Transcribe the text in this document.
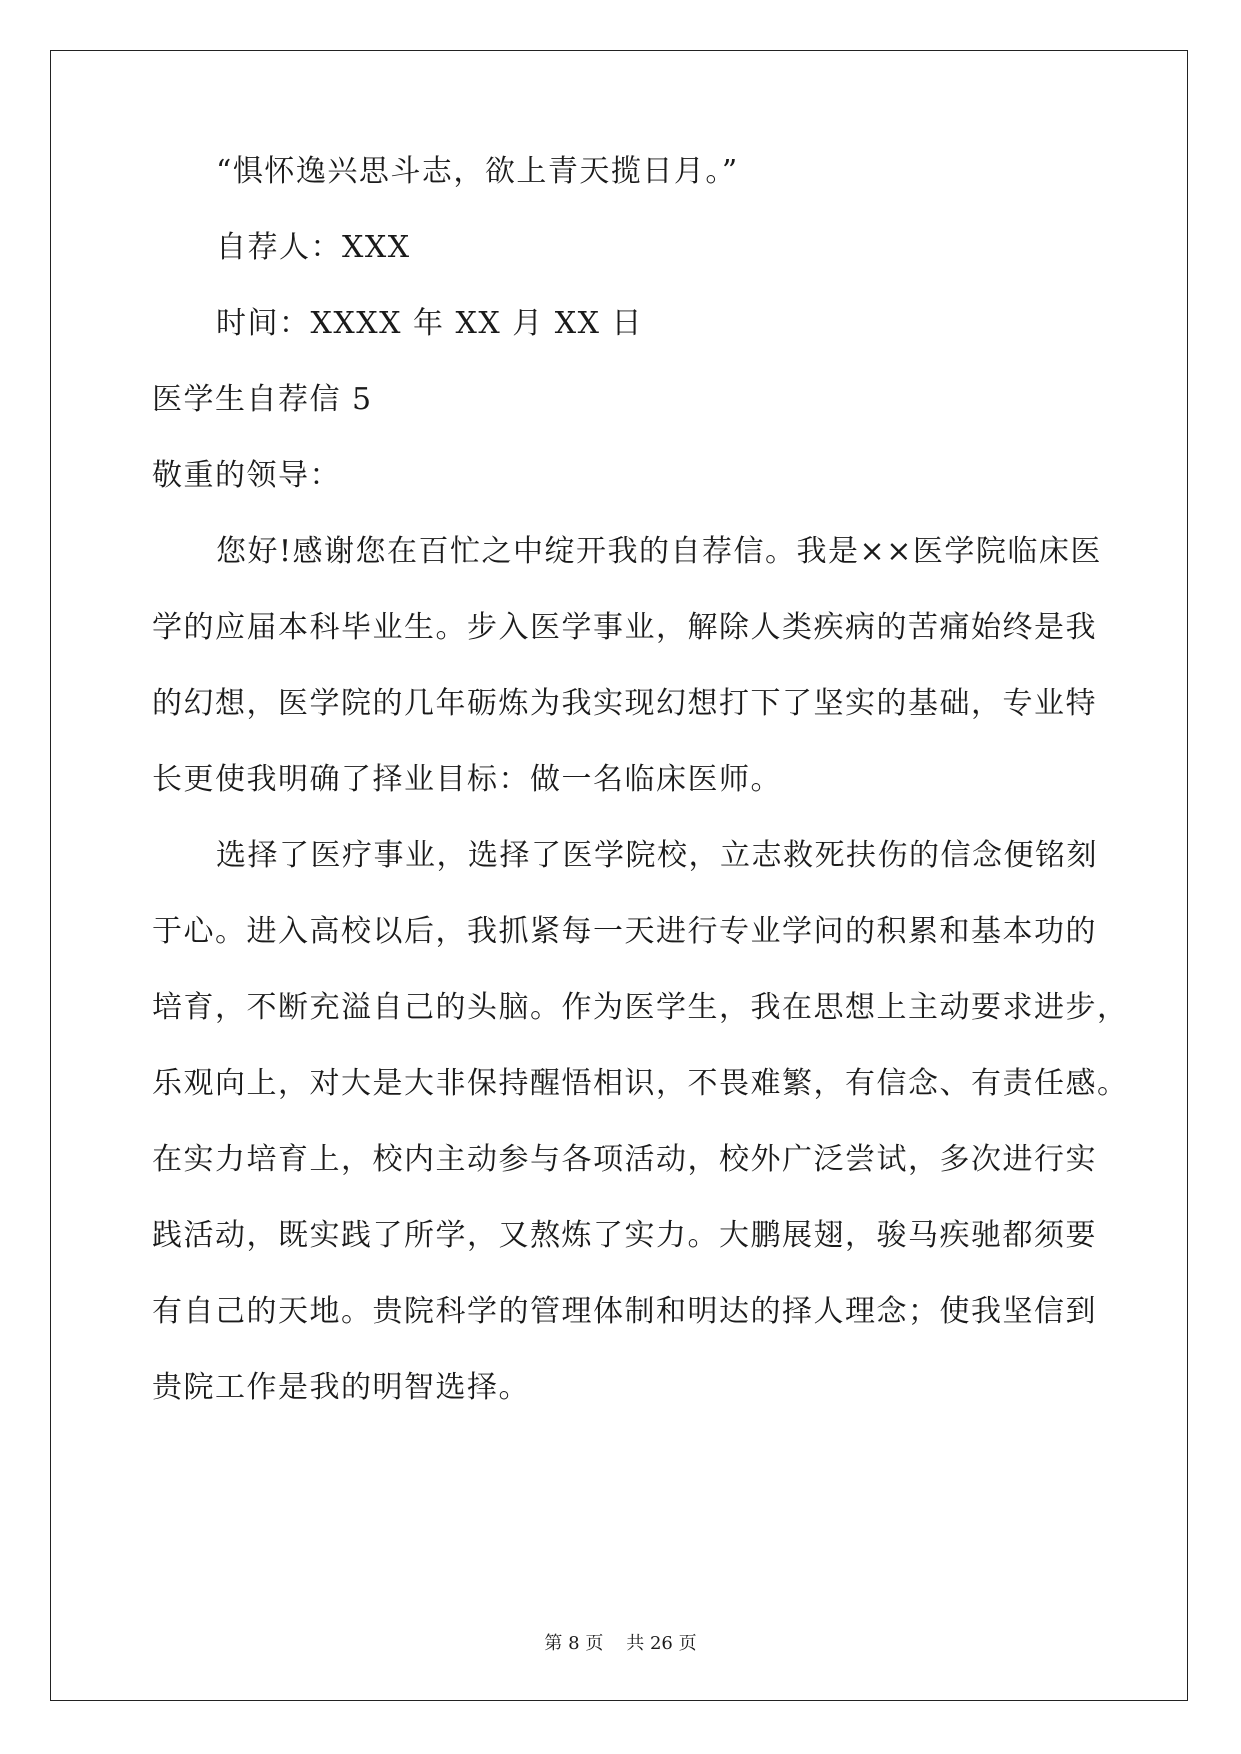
“惧怀逸兴思斗志，欲上青天揽日月。”
自荐人：XXX
时间：XXXX 年 XX 月 XX 日
医学生自荐信 5
敬重的领导：
您好!感谢您在百忙之中绽开我的自荐信。我是××医学院临床医
学的应届本科毕业生。步入医学事业，解除人类疾病的苦痛始终是我
的幻想，医学院的几年砺炼为我实现幻想打下了坚实的基础，专业特
长更使我明确了择业目标：做一名临床医师。
选择了医疗事业，选择了医学院校，立志救死扶伤的信念便铭刻
于心。进入高校以后，我抓紧每一天进行专业学问的积累和基本功的
培育，不断充溢自己的头脑。作为医学生，我在思想上主动要求进步，
乐观向上，对大是大非保持醒悟相识，不畏难繁，有信念、有责任感。
在实力培育上，校内主动参与各项活动，校外广泛尝试，多次进行实
践活动，既实践了所学，又熬炼了实力。大鹏展翅，骏马疾驰都须要
有自己的天地。贵院科学的管理体制和明达的择人理念；使我坚信到
贵院工作是我的明智选择。
第 8 页 共 26 页
